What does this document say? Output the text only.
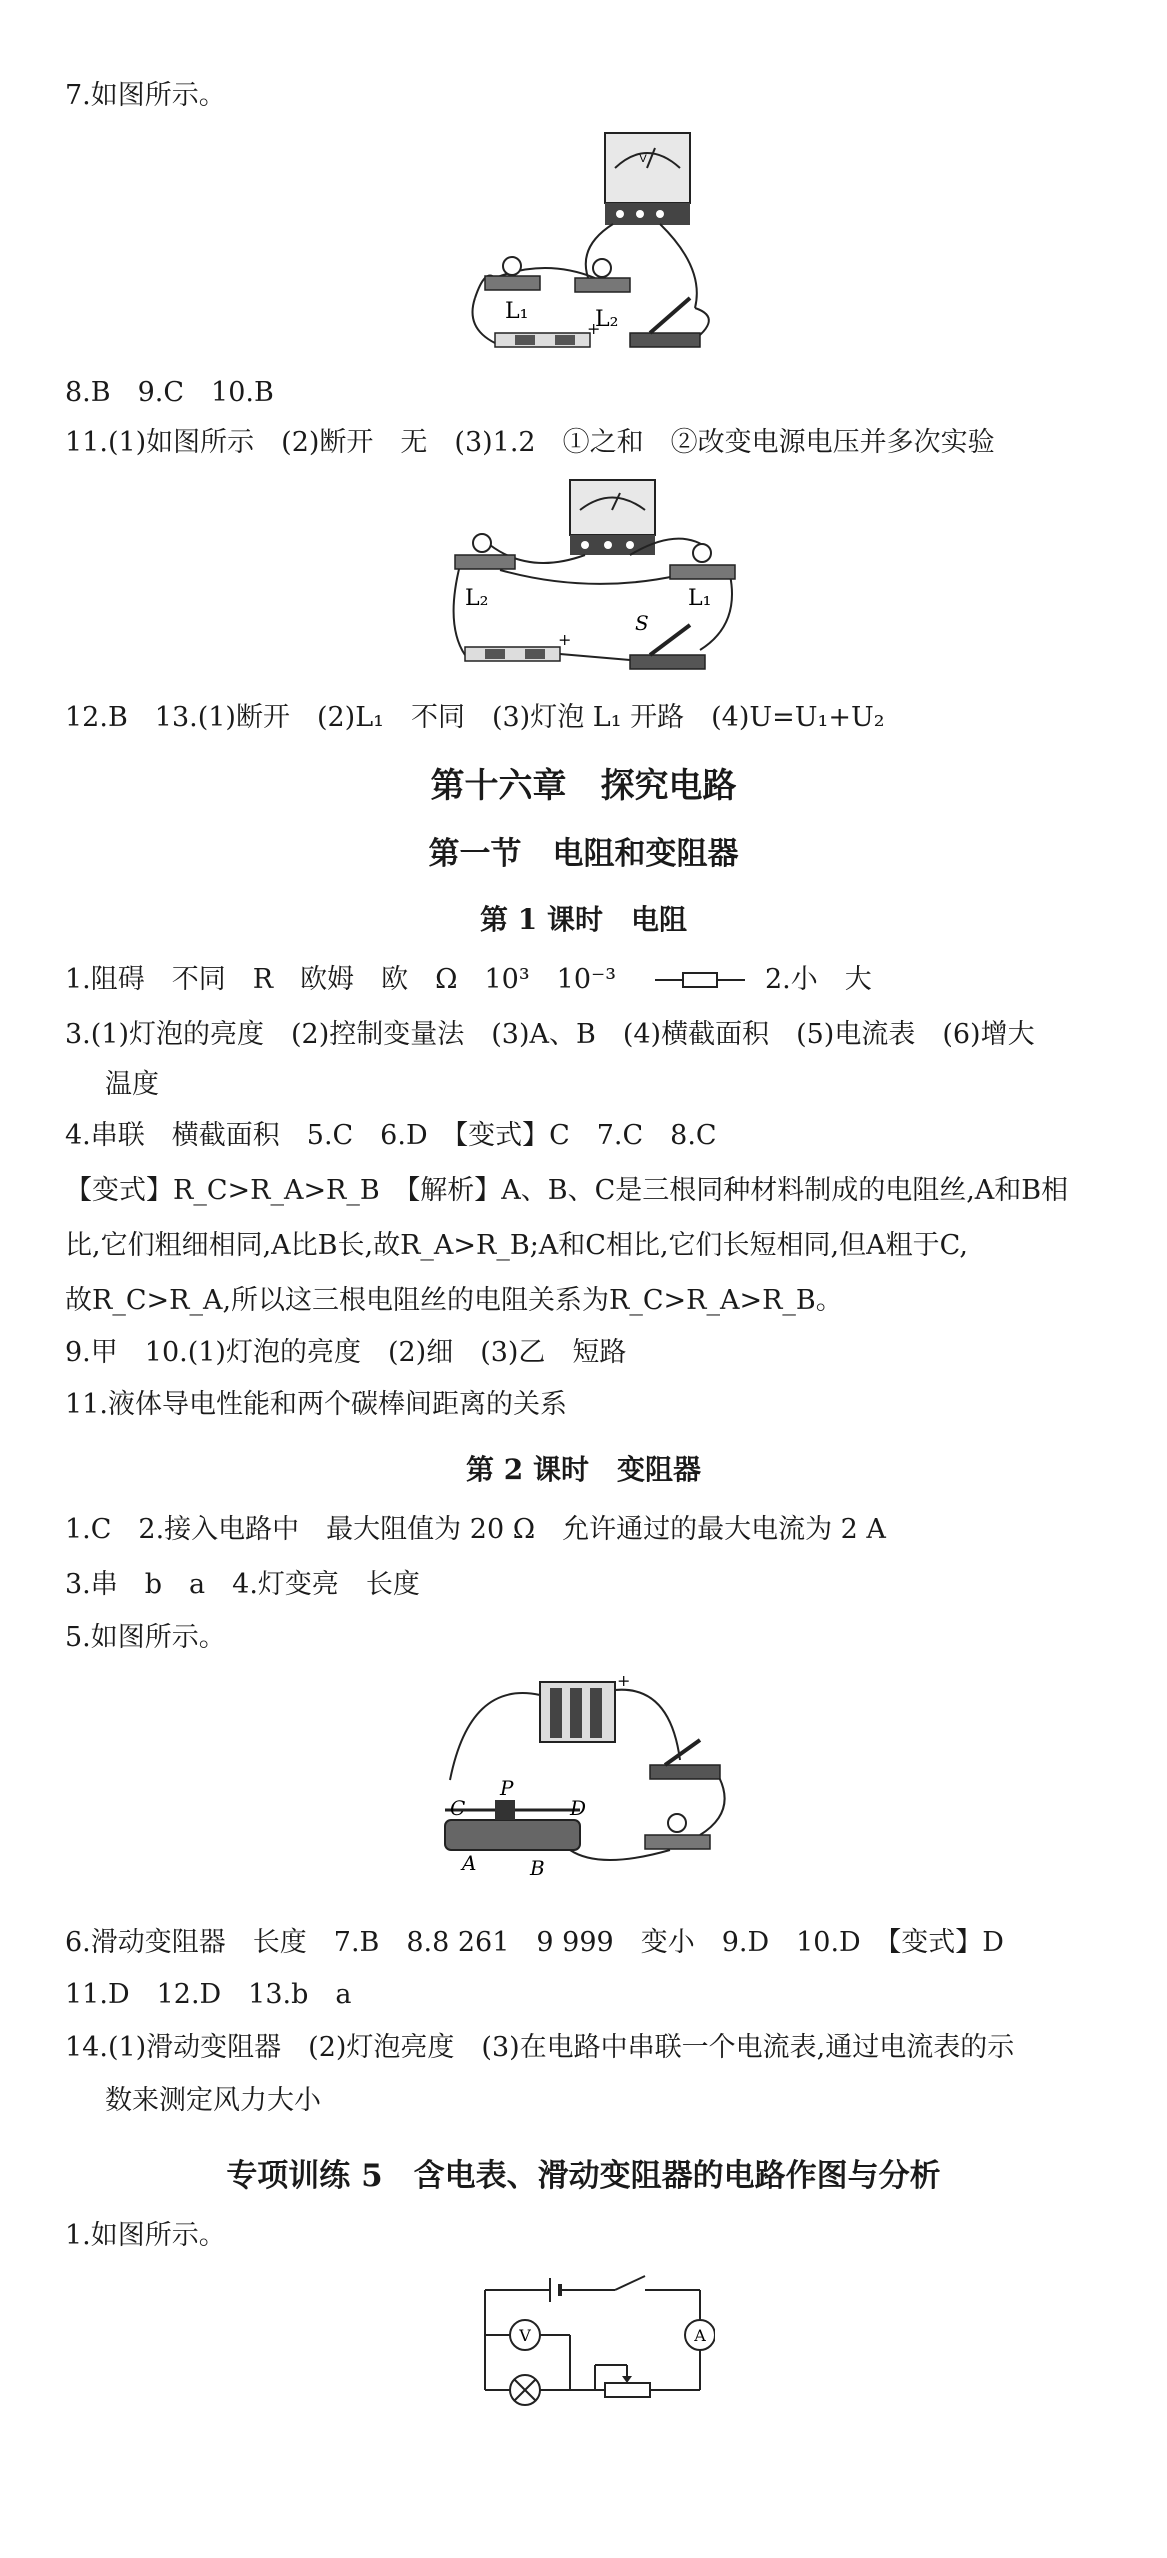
7.如图所示。
V
L₁	L₂
+
8.B　9.C　10.B
11.(1)如图所示　(2)断开　无　(3)1.2　①之和　②改变电源电压并多次实验
L₂	L₁
+
S
12.B　13.(1)断开　(2)L₁　不同　(3)灯泡 L₁ 开路　(4)U=U₁+U₂
第十六章　探究电路
第一节　电阻和变阻器
第 1 课时　电阻
1.阻碍　不同　R　欧姆　欧　Ω　10³　10⁻³	2.小　大
3.(1)灯泡的亮度　(2)控制变量法　(3)A、B　(4)横截面积　(5)电流表　(6)增大
温度
4.串联　横截面积　5.C　6.D　【变式】C　7.C　8.C
【变式】R_C>R_A>R_B　【解析】A、B、C是三根同种材料制成的电阻丝,A和B相
比,它们粗细相同,A比B长,故R_A>R_B;A和C相比,它们长短相同,但A粗于C,
故R_C>R_A,所以这三根电阻丝的电阻关系为R_C>R_A>R_B。
9.甲　10.(1)灯泡的亮度　(2)细　(3)乙　短路
11.液体导电性能和两个碳棒间距离的关系
第 2 课时　变阻器
1.C　2.接入电路中　最大阻值为 20 Ω　允许通过的最大电流为 2 A
3.串　b　a　4.灯变亮　长度
5.如图所示。
+
C
P
D
A	B
6.滑动变阻器　长度　7.B　8.8 261　9 999　变小　9.D　10.D　【变式】D
11.D　12.D　13.b　a
14.(1)滑动变阻器　(2)灯泡亮度　(3)在电路中串联一个电流表,通过电流表的示
数来测定风力大小
专项训练 5　含电表、滑动变阻器的电路作图与分析
1.如图所示。
V	A
